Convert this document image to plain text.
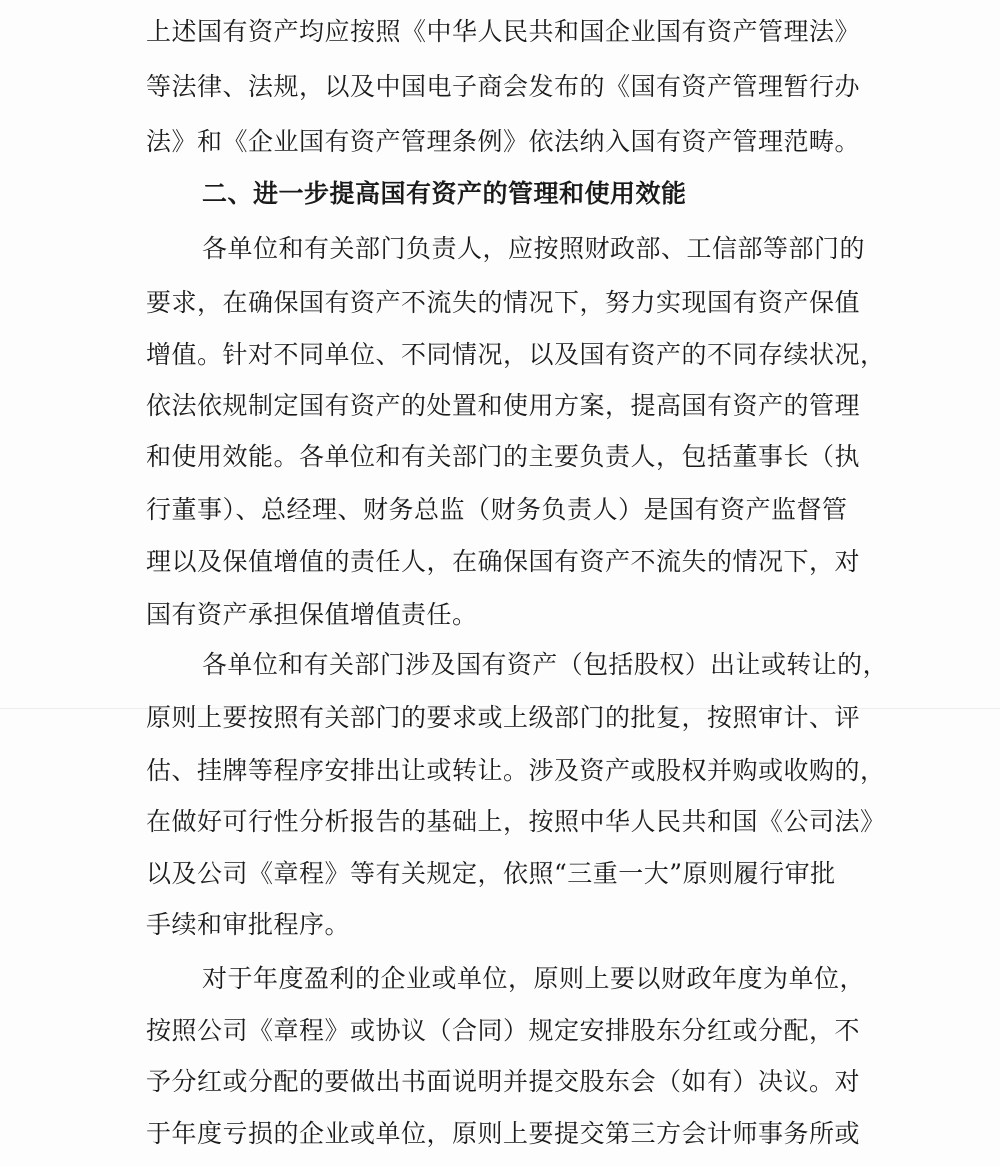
上述国有资产均应按照《中华人民共和国企业国有资产管理法》
等法律、法规，以及中国电子商会发布的《国有资产管理暂行办
法》和《企业国有资产管理条例》依法纳入国有资产管理范畴。
二、进一步提高国有资产的管理和使用效能
各单位和有关部门负责人，应按照财政部、工信部等部门的
要求，在确保国有资产不流失的情况下，努力实现国有资产保值
增值。针对不同单位、不同情况，以及国有资产的不同存续状况，
依法依规制定国有资产的处置和使用方案，提高国有资产的管理
和使用效能。各单位和有关部门的主要负责人，包括董事长（执
行董事）、总经理、财务总监（财务负责人）是国有资产监督管
理以及保值增值的责任人，在确保国有资产不流失的情况下，对
国有资产承担保值增值责任。
各单位和有关部门涉及国有资产（包括股权）出让或转让的，
原则上要按照有关部门的要求或上级部门的批复，按照审计、评
估、挂牌等程序安排出让或转让。涉及资产或股权并购或收购的，
在做好可行性分析报告的基础上，按照中华人民共和国《公司法》
以及公司《章程》等有关规定，依照“三重一大”原则履行审批
手续和审批程序。
对于年度盈利的企业或单位，原则上要以财政年度为单位，
按照公司《章程》或协议（合同）规定安排股东分红或分配，不
予分红或分配的要做出书面说明并提交股东会（如有）决议。对
于年度亏损的企业或单位，原则上要提交第三方会计师事务所或
